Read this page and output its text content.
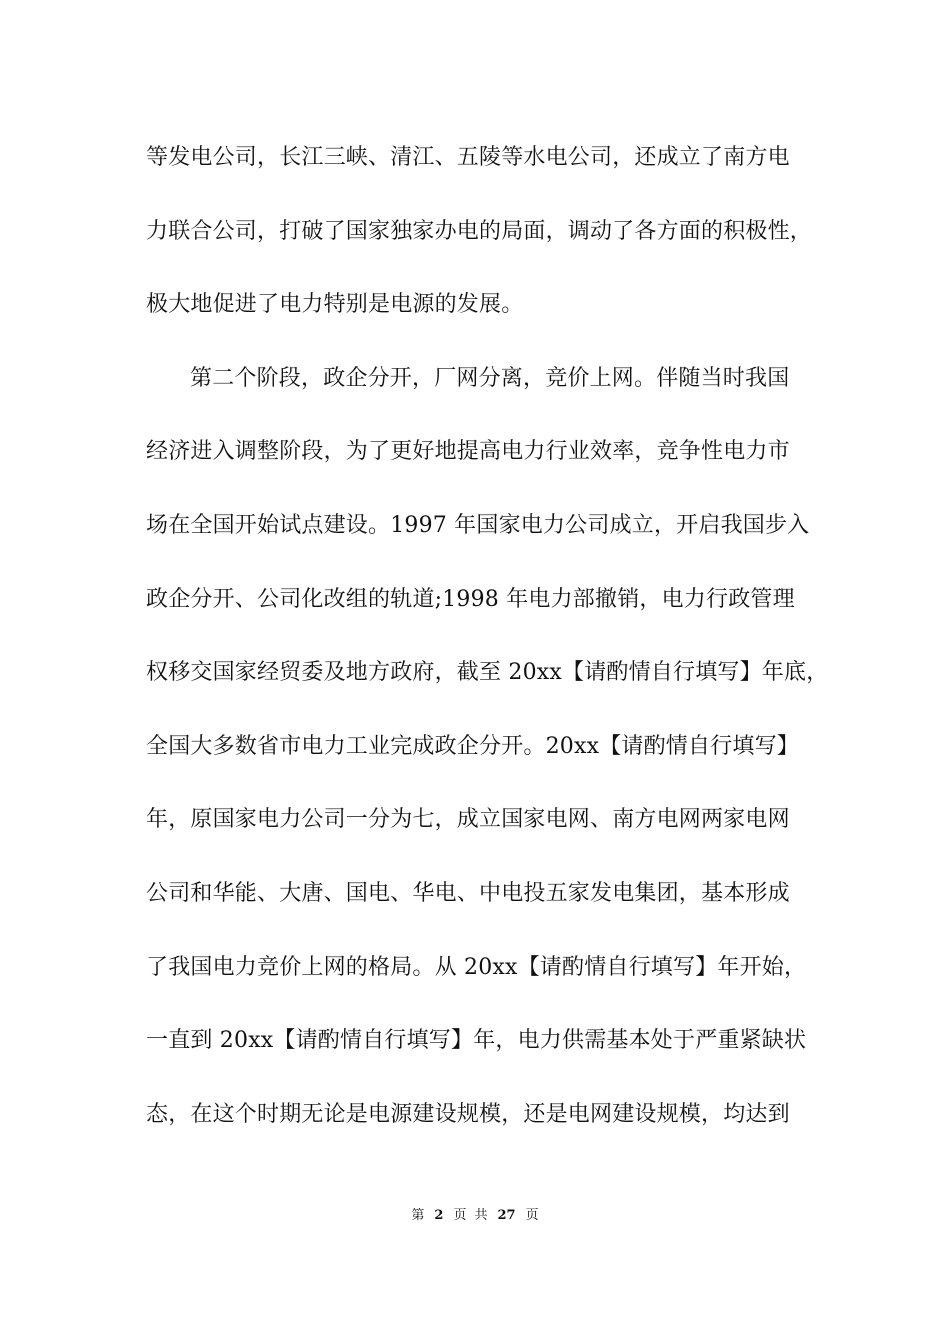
等发电公司，长江三峡、清江、五陵等水电公司，还成立了南方电
力联合公司，打破了国家独家办电的局面，调动了各方面的积极性，
极大地促进了电力特别是电源的发展。
第二个阶段，政企分开，厂网分离，竞价上网。伴随当时我国
经济进入调整阶段，为了更好地提高电力行业效率，竞争性电力市
场在全国开始试点建设。1997 年国家电力公司成立，开启我国步入
政企分开、公司化改组的轨道;1998 年电力部撤销，电力行政管理
权移交国家经贸委及地方政府，截至 20xx【请酌情自行填写】年底，
全国大多数省市电力工业完成政企分开。20xx【请酌情自行填写】
年，原国家电力公司一分为七，成立国家电网、南方电网两家电网
公司和华能、大唐、国电、华电、中电投五家发电集团，基本形成
了我国电力竞价上网的格局。从 20xx【请酌情自行填写】年开始，
一直到 20xx【请酌情自行填写】年，电力供需基本处于严重紧缺状
态，在这个时期无论是电源建设规模，还是电网建设规模，均达到
第 2 页 共 27 页
